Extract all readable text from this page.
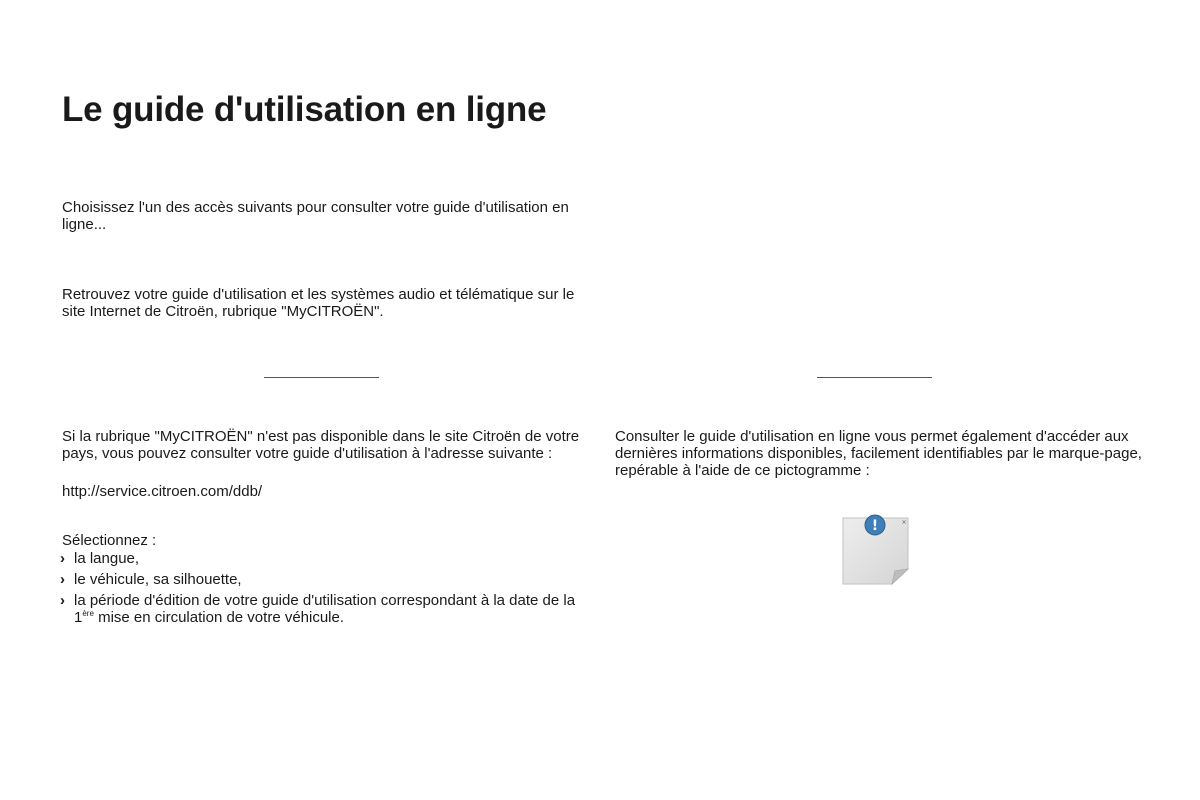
Le guide d'utilisation en ligne

Choisissez l'un des accès suivants pour consulter votre guide d'utilisation en ligne...

Retrouvez votre guide d'utilisation et les systèmes audio et télématique sur le site Internet de Citroën, rubrique "MyCITROËN".

Si la rubrique "MyCITROËN" n'est pas disponible dans le site Citroën de votre pays, vous pouvez consulter votre guide d'utilisation à l'adresse suivante :

http://service.citroen.com/ddb/

Sélectionnez :

› la langue,
› le véhicule, sa silhouette,
› la période d'édition de votre guide d'utilisation correspondant à la date de la 1ère mise en circulation de votre véhicule.

Consulter le guide d'utilisation en ligne vous permet également d'accéder aux dernières informations disponibles, facilement identifiables par le marque-page, repérable à l'aide de ce pictogramme :

!	×
